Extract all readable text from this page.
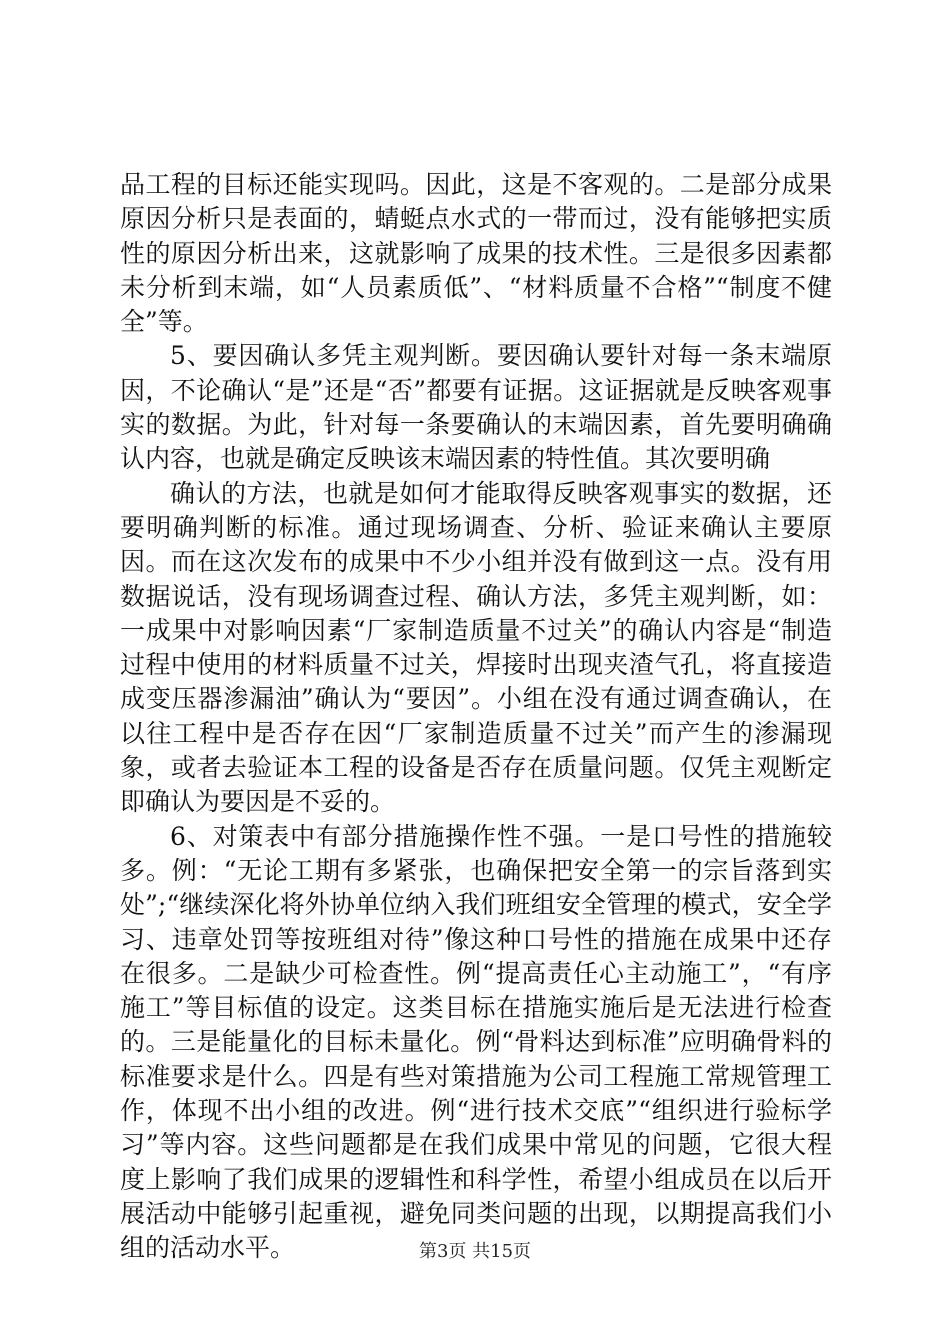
品工程的目标还能实现吗。因此，这是不客观的。二是部分成果原因分析只是表面的，蜻蜓点水式的一带而过，没有能够把实质性的原因分析出来，这就影响了成果的技术性。三是很多因素都未分析到末端，如“人员素质低”、“材料质量不合格”“制度不健全”等。

5、要因确认多凭主观判断。要因确认要针对每一条末端原因，不论确认“是”还是“否”都要有证据。这证据就是反映客观事实的数据。为此，针对每一条要确认的末端因素，首先要明确确认内容，也就是确定反映该末端因素的特性值。其次要明确

确认的方法，也就是如何才能取得反映客观事实的数据，还要明确判断的标准。通过现场调查、分析、验证来确认主要原因。而在这次发布的成果中不少小组并没有做到这一点。没有用数据说话，没有现场调查过程、确认方法，多凭主观判断，如：一成果中对影响因素“厂家制造质量不过关”的确认内容是“制造过程中使用的材料质量不过关，焊接时出现夹渣气孔，将直接造成变压器渗漏油”确认为“要因”。小组在没有通过调查确认，在以往工程中是否存在因“厂家制造质量不过关”而产生的渗漏现象，或者去验证本工程的设备是否存在质量问题。仅凭主观断定即确认为要因是不妥的。

6、对策表中有部分措施操作性不强。一是口号性的措施较多。例：“无论工期有多紧张，也确保把安全第一的宗旨落到实处”;“继续深化将外协单位纳入我们班组安全管理的模式，安全学习、违章处罚等按班组对待”像这种口号性的措施在成果中还存在很多。二是缺少可检查性。例“提高责任心主动施工”，“有序施工”等目标值的设定。这类目标在措施实施后是无法进行检查的。三是能量化的目标未量化。例“骨料达到标准”应明确骨料的标准要求是什么。四是有些对策措施为公司工程施工常规管理工作，体现不出小组的改进。例“进行技术交底”“组织进行验标学习”等内容。这些问题都是在我们成果中常见的问题，它很大程度上影响了我们成果的逻辑性和科学性，希望小组成员在以后开展活动中能够引起重视，避免同类问题的出现，以期提高我们小组的活动水平。	第3页 共15页
